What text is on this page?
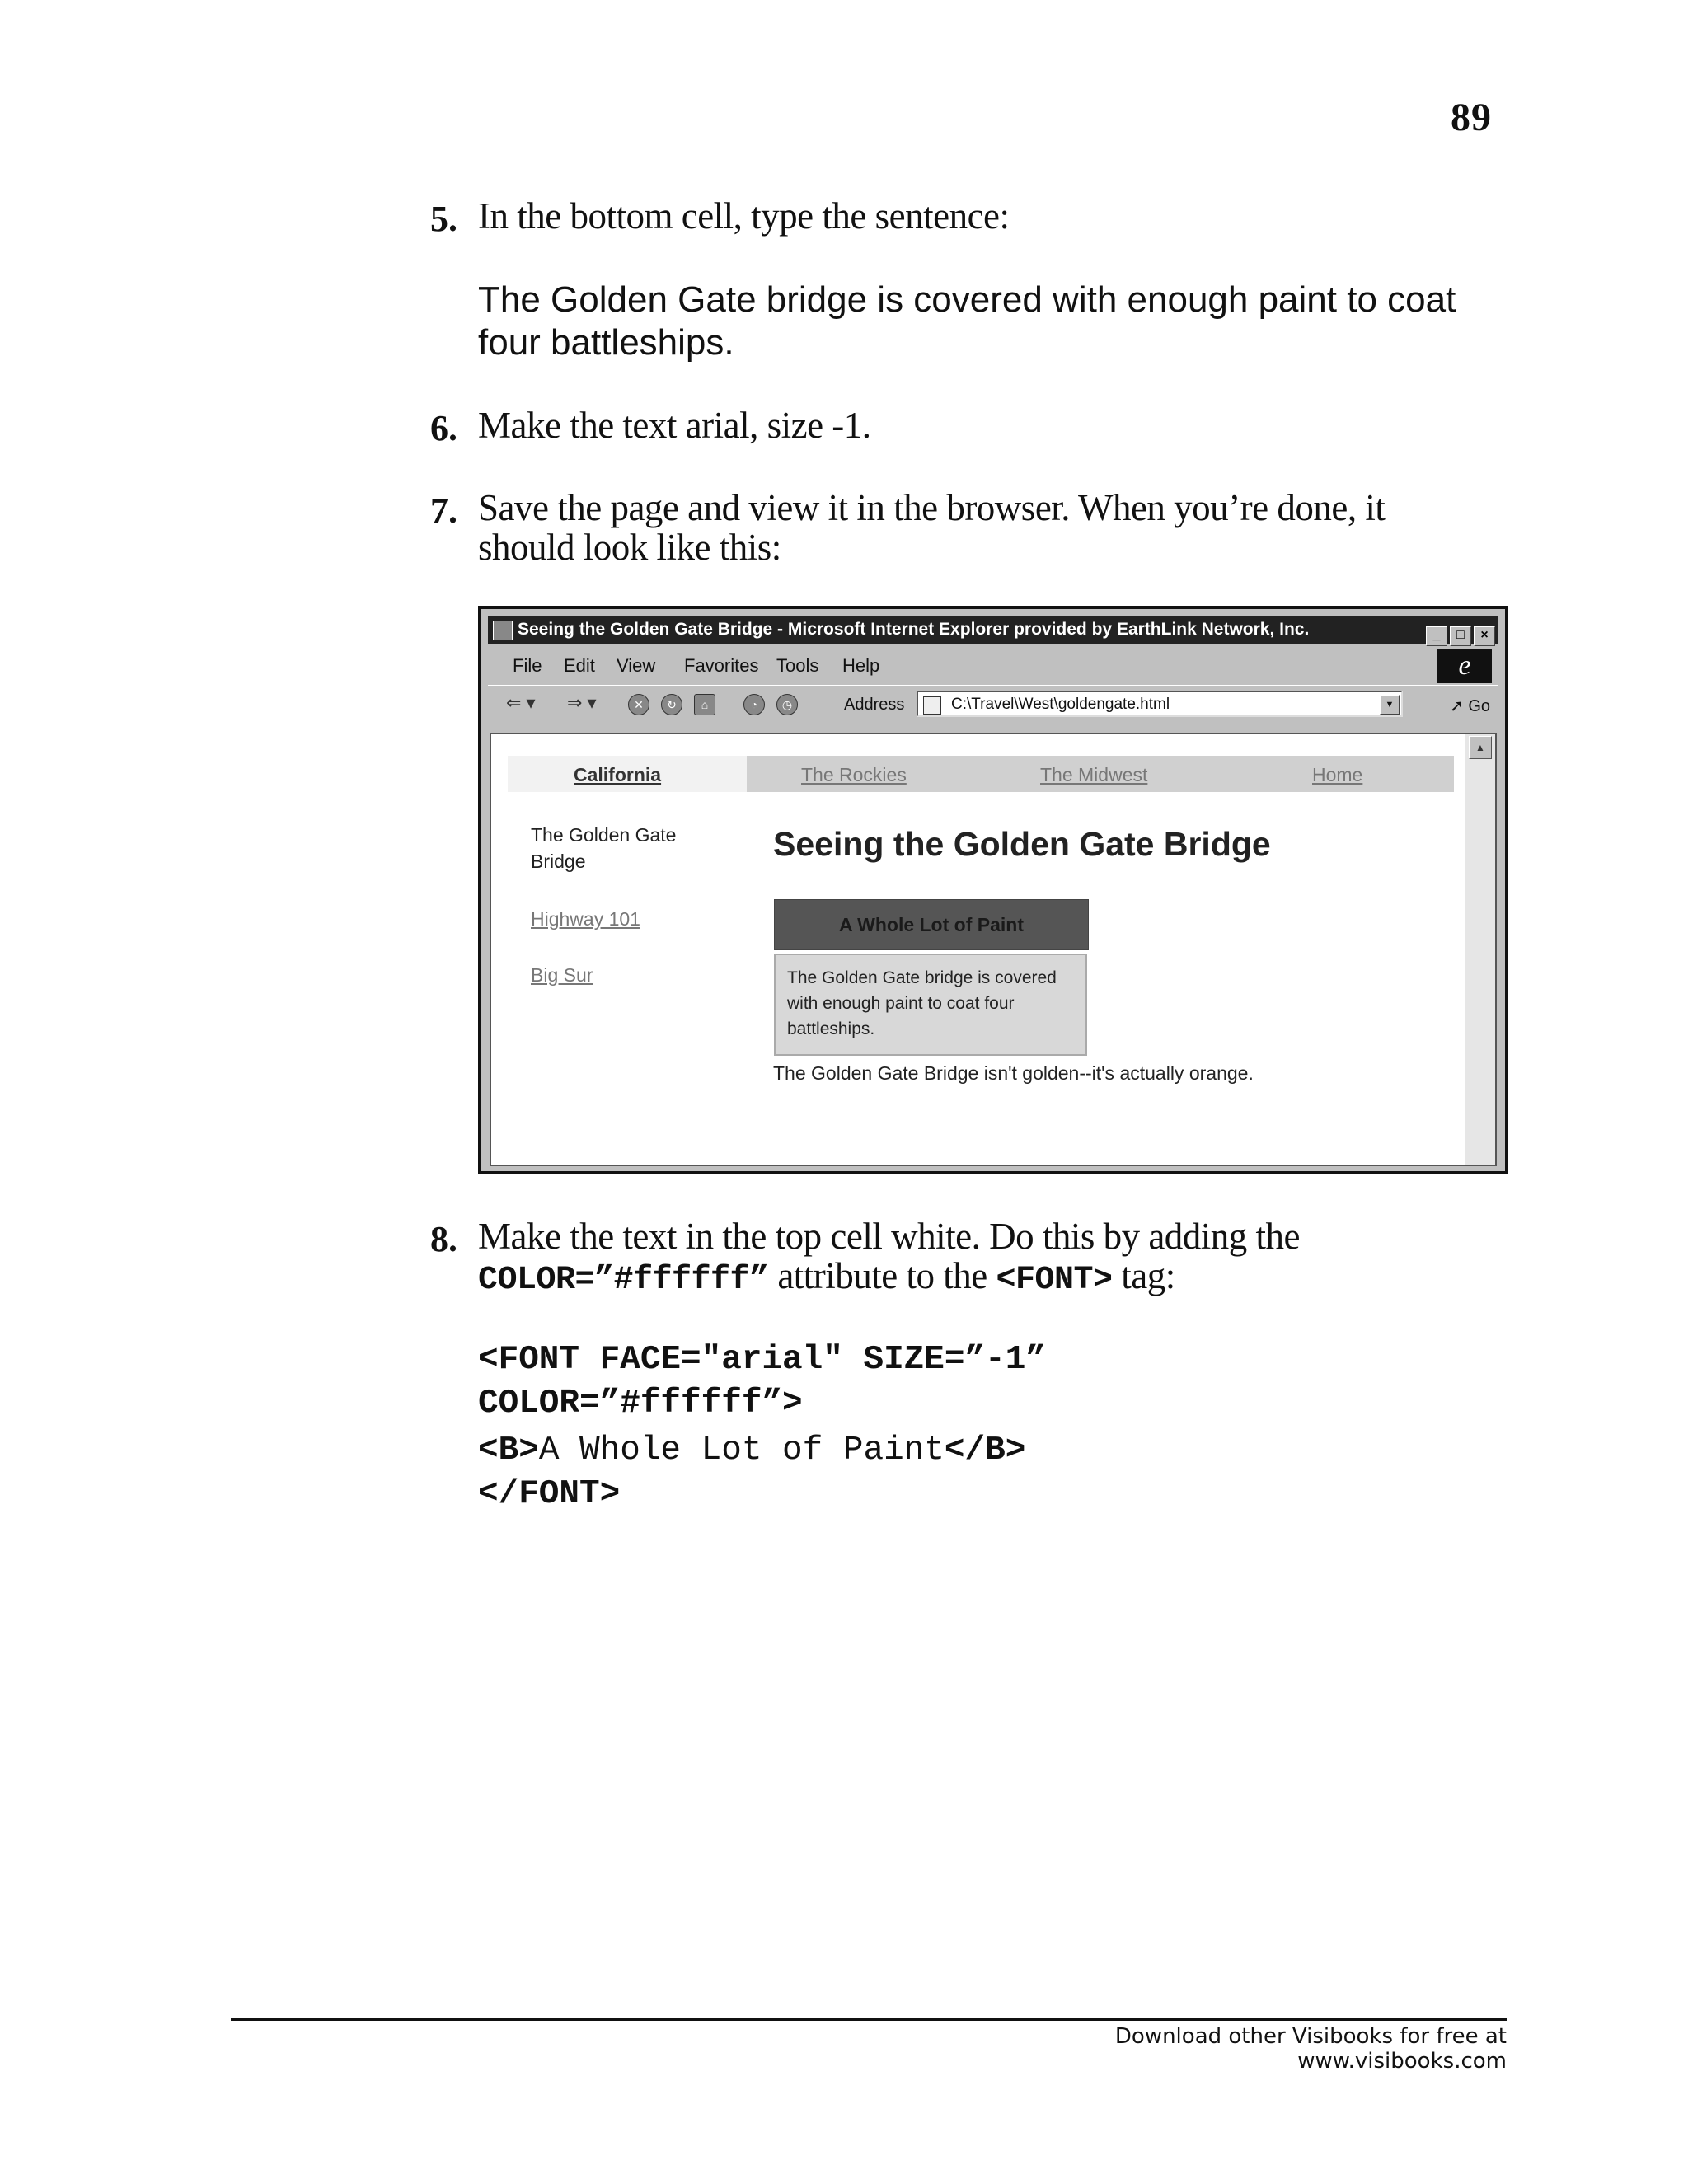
89
5. In the bottom cell, type the sentence:
The Golden Gate bridge is covered with enough paint to coat four battleships.
6. Make the text arial, size -1.
7. Save the page and view it in the browser. When you’re done, it should look like this:
Seeing the Golden Gate Bridge - Microsoft Internet Explorer provided by EarthLink Network, Inc.	_ □ ×
File Edit View Favorites Tools Help	e
⇐ ▾ ⇒ ▾	✕	↻	⌂	◔	◷	Address	C:\Travel\West\goldengate.html	▼	➚ Go
▲
California	The Rockies	The Midwest	Home
The Golden Gate Bridge
Highway 101
Big Sur
Seeing the Golden Gate Bridge
A Whole Lot of Paint
The Golden Gate bridge is covered with enough paint to coat four battleships.
The Golden Gate Bridge isn't golden--it's actually orange.
8. Make the text in the top cell white. Do this by adding the
COLOR=”#ffffff” attribute to the <FONT> tag:
<FONT FACE="arial" SIZE=”-1”
COLOR=”#ffffff”>
<B>A Whole Lot of Paint</B>
</FONT>
Download other Visibooks for free at www.visibooks.com
